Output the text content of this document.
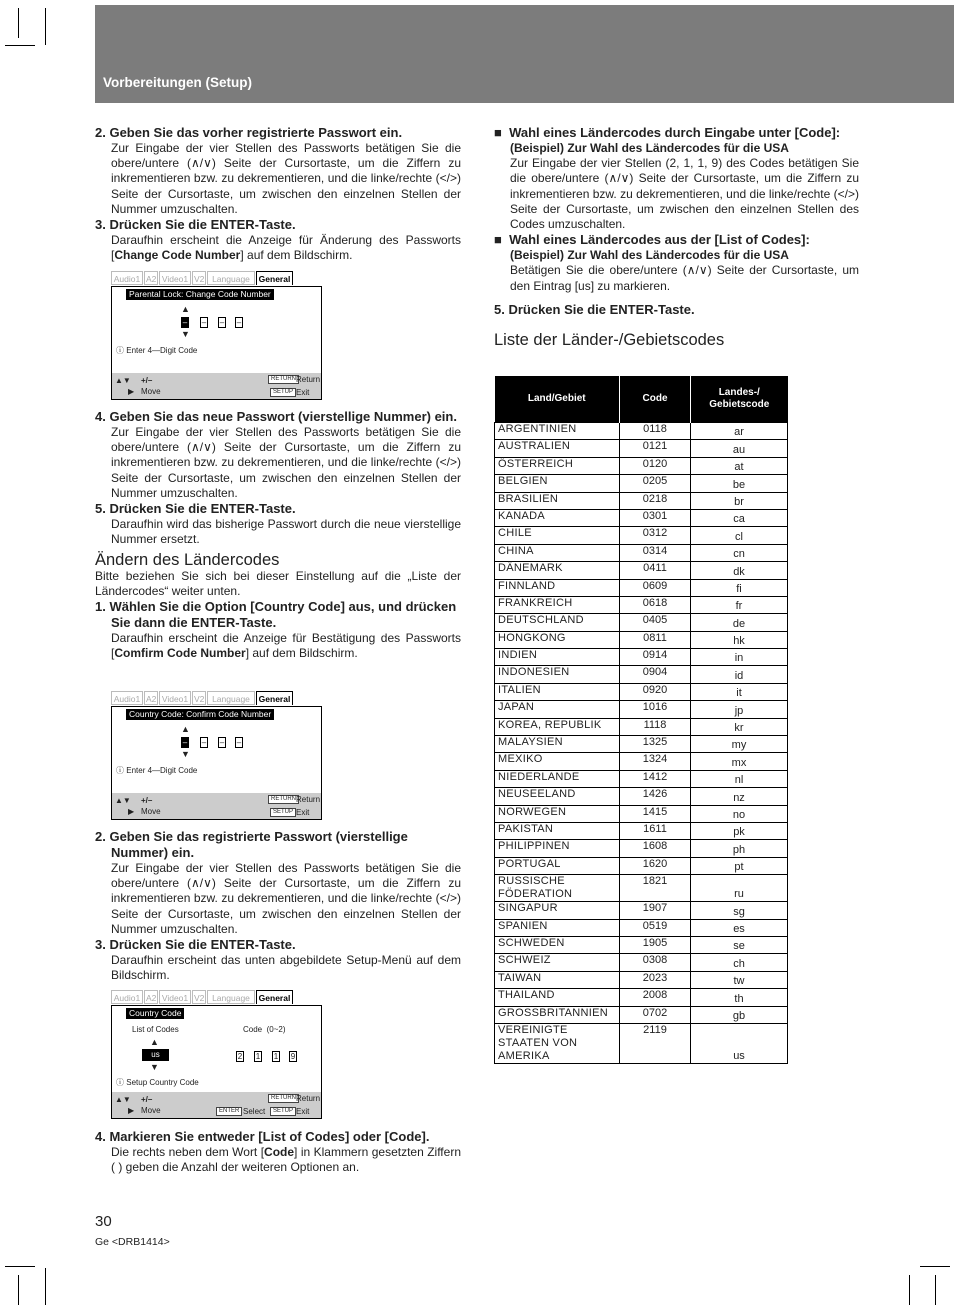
Vorbereitungen (Setup)

2. Geben Sie das vorher registrierte Passwort ein.

Zur Eingabe der vier Stellen des Passworts betätigen Sie die obere/untere (∧/∨) Seite der Cursortaste, um die Ziffern zu inkrementieren bzw. zu dekrementieren, und die linke/rechte (</>) Seite der Cursortaste, um zwischen den einzelnen Stellen der Nummer umzuschalten.

3. Drücken Sie die ENTER-Taste.

Daraufhin erscheint die Anzeige für Änderung des Passworts [Change Code Number] auf dem Bildschirm.

Audio1 A2 Video1 V2 Language	General
Parental Lock: Change Code Number
▲
– – – –
▼
ⓘ Enter 4—Digit Code
▲▼ +/–
▶ Move
RETURN Return
SETUP Exit

4. Geben Sie das neue Passwort (vierstellige Nummer) ein.

Zur Eingabe der vier Stellen des Passworts betätigen Sie die obere/untere (∧/∨) Seite der Cursortaste, um die Ziffern zu inkrementieren bzw. zu dekrementieren, und die linke/rechte (</>) Seite der Cursortaste, um zwischen den einzelnen Stellen der Nummer umzuschalten.

5. Drücken Sie die ENTER-Taste.

Daraufhin wird das bisherige Passwort durch die neue vierstellige Nummer ersetzt.

Ändern des Ländercodes

Bitte beziehen Sie sich bei dieser Einstellung auf die „Liste der Ländercodes“ weiter unten.

1. Wählen Sie die Option [Country Code] aus, und drücken Sie dann die ENTER-Taste.

Daraufhin erscheint die Anzeige für Bestätigung des Passworts [Comfirm Code Number] auf dem Bildschirm.

Audio1 A2 Video1 V2 Language	General
Country Code: Confirm Code Number
▲
– – – –
▼
ⓘ Enter 4—Digit Code
▲▼ +/–
▶ Move
RETURN Return
SETUP Exit

2. Geben Sie das registrierte Passwort (vierstellige Nummer) ein.

Zur Eingabe der vier Stellen des Passworts betätigen Sie die obere/untere (∧/∨) Seite der Cursortaste, um die Ziffern zu inkrementieren bzw. zu dekrementieren, und die linke/rechte (</>) Seite der Cursortaste, um zwischen den einzelnen Stellen der Nummer umzuschalten.

3. Drücken Sie die ENTER-Taste.

Daraufhin erscheint das unten abgebildete Setup-Menü auf dem Bildschirm.

Audio1 A2 Video1 V2 Language	General
Country Code
List of Codes	Code (0~2)
▲
us
▼
2 1 1 9
ⓘ Setup Country Code
▲▼ +/–
▶ Move	ENTER Select
RETURN Return
SETUP Exit

4. Markieren Sie entweder [List of Codes] oder [Code].

Die rechts neben dem Wort [Code] in Klammern gesetzten Ziffern ( ) geben die Anzahl der weiteren Optionen an.

■  Wahl eines Ländercodes durch Eingabe unter [Code]:

(Beispiel) Zur Wahl des Ländercodes für die USA

Zur Eingabe der vier Stellen (2, 1, 1, 9) des Codes betätigen Sie die obere/untere (∧/∨) Seite der Cursortaste, um die Ziffern zu inkrementieren bzw. zu dekrementieren, und die linke/rechte (</>) Seite der Cursortaste, um zwischen den einzelnen Stellen des Codes umzuschalten.

■  Wahl eines Ländercodes aus der [List of Codes]:

(Beispiel) Zur Wahl des Ländercodes für die USA

Betätigen Sie die obere/untere (∧/∨) Seite der Cursortaste, um den Eintrag [us] zu markieren.

5. Drücken Sie die ENTER-Taste.

Liste der Länder-/Gebietscodes

Land/Gebiet	Code	Landes-/ Gebietscode
ARGENTINIEN	0118	ar
AUSTRALIEN	0121	au
ÖSTERREICH	0120	at
BELGIEN	0205	be
BRASILIEN	0218	br
KANADA	0301	ca
CHILE	0312	cl
CHINA	0314	cn
DÄNEMARK	0411	dk
FINNLAND	0609	fi
FRANKREICH	0618	fr
DEUTSCHLAND	0405	de
HONGKONG	0811	hk
INDIEN	0914	in
INDONESIEN	0904	id
ITALIEN	0920	it
JAPAN	1016	jp
KOREA, REPUBLIK	1118	kr
MALAYSIEN	1325	my
MEXIKO	1324	mx
NIEDERLANDE	1412	nl
NEUSEELAND	1426	nz
NORWEGEN	1415	no
PAKISTAN	1611	pk
PHILIPPINEN	1608	ph
PORTUGAL	1620	pt
RUSSISCHE FÖDERATION	1821	ru
SINGAPUR	1907	sg
SPANIEN	0519	es
SCHWEDEN	1905	se
SCHWEIZ	0308	ch
TAIWAN	2023	tw
THAILAND	2008	th
GROSSBRITANNIEN	0702	gb
VEREINIGTE STAATEN VON AMERIKA	2119	us
30
Ge <DRB1414>
